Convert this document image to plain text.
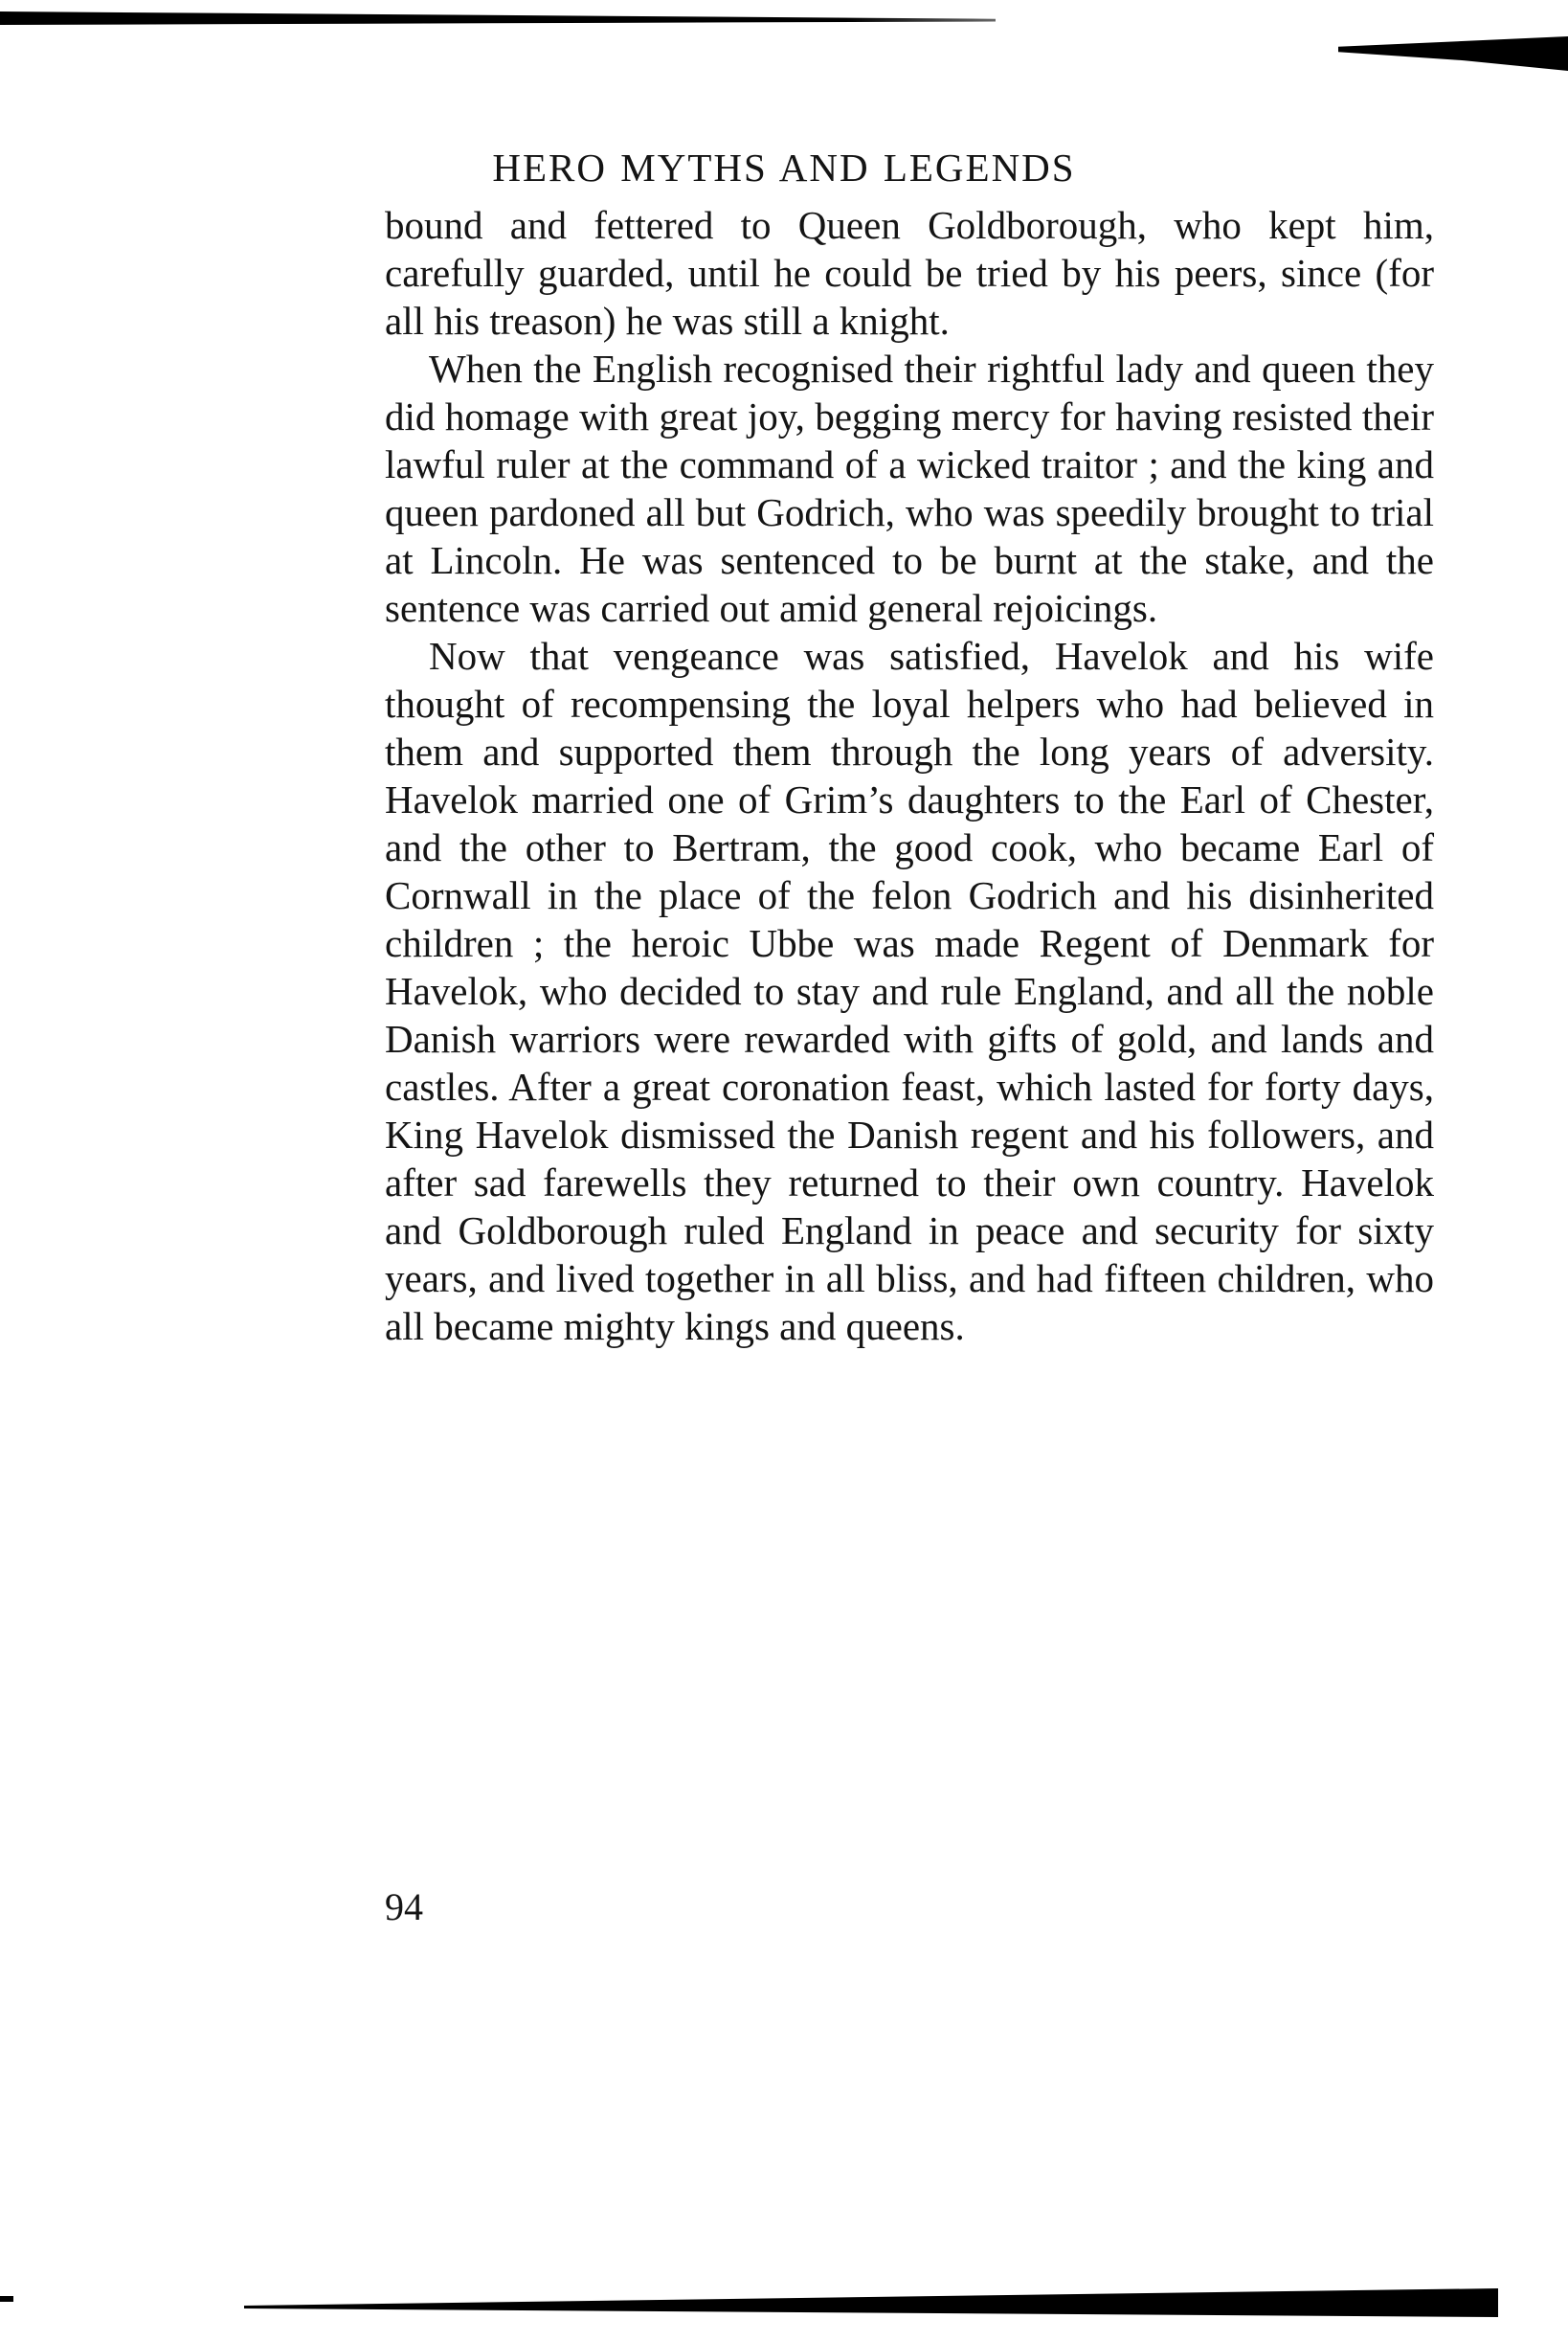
HERO MYTHS AND LEGENDS

bound and fettered to Queen Goldborough, who kept him, carefully guarded, until he could be tried by his peers, since (for all his treason) he was still a knight.

When the English recognised their rightful lady and queen they did homage with great joy, begging mercy for having resisted their lawful ruler at the command of a wicked traitor ; and the king and queen pardoned all but Godrich, who was speedily brought to trial at Lincoln. He was sentenced to be burnt at the stake, and the sentence was carried out amid general rejoicings.

Now that vengeance was satisfied, Havelok and his wife thought of recompensing the loyal helpers who had believed in them and supported them through the long years of adversity. Havelok married one of Grim’s daughters to the Earl of Chester, and the other to Bertram, the good cook, who became Earl of Cornwall in the place of the felon Godrich and his disinherited children ; the heroic Ubbe was made Regent of Denmark for Havelok, who decided to stay and rule England, and all the noble Danish warriors were rewarded with gifts of gold, and lands and castles. After a great coronation feast, which lasted for forty days, King Havelok dismissed the Danish regent and his followers, and after sad farewells they returned to their own country. Havelok and Goldborough ruled England in peace and security for sixty years, and lived together in all bliss, and had fifteen children, who all became mighty kings and queens.

94
